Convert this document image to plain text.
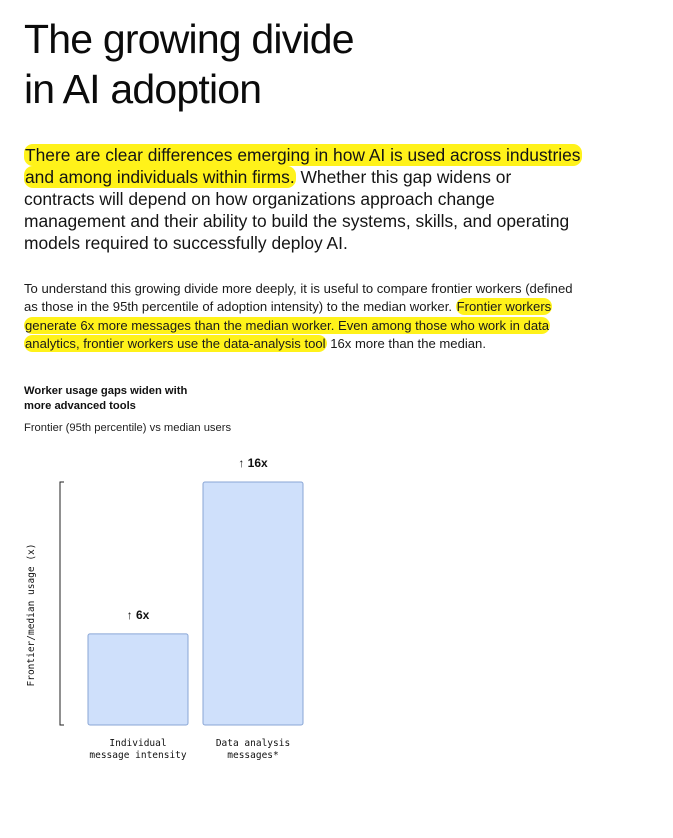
The growing divide
in AI adoption

There are clear differences emerging in how AI is used across industries and among individuals within firms. Whether this gap widens or contracts will depend on how organizations approach change management and their ability to build the systems, skills, and operating models required to successfully deploy AI.

To understand this growing divide more deeply, it is useful to compare frontier workers (defined as those in the 95th percentile of adoption intensity) to the median worker. Frontier workers generate 6x more messages than the median worker. Even among those who work in data analytics, frontier workers use the data-analysis tool 16x more than the median.

Worker usage gaps widen with more advanced tools
Frontier (95th percentile) vs median users
Frontier/median usage (x)	↑ 6x
Individual
message intensity
↑ 16x
Data analysis
messages*
